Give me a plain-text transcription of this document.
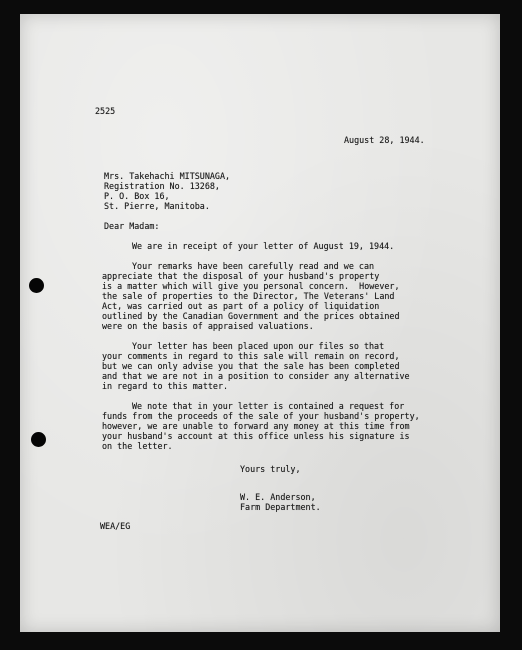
2525
August 28, 1944.
Mrs. Takehachi MITSUNAGA,
Registration No. 13268,
P. O. Box 16,
St. Pierre, Manitoba.
Dear Madam:
We are in receipt of your letter of August 19, 1944.
Your remarks have been carefully read and we can
appreciate that the disposal of your husband's property
is a matter which will give you personal concern.  However,
the sale of properties to the Director, The Veterans' Land
Act, was carried out as part of a policy of liquidation
outlined by the Canadian Government and the prices obtained
were on the basis of appraised valuations.
Your letter has been placed upon our files so that
your comments in regard to this sale will remain on record,
but we can only advise you that the sale has been completed
and that we are not in a position to consider any alternative
in regard to this matter.
We note that in your letter is contained a request for
funds from the proceeds of the sale of your husband's property,
however, we are unable to forward any money at this time from
your husband's account at this office unless his signature is
on the letter.
Yours truly,
W. E. Anderson,
Farm Department.
WEA/EG
